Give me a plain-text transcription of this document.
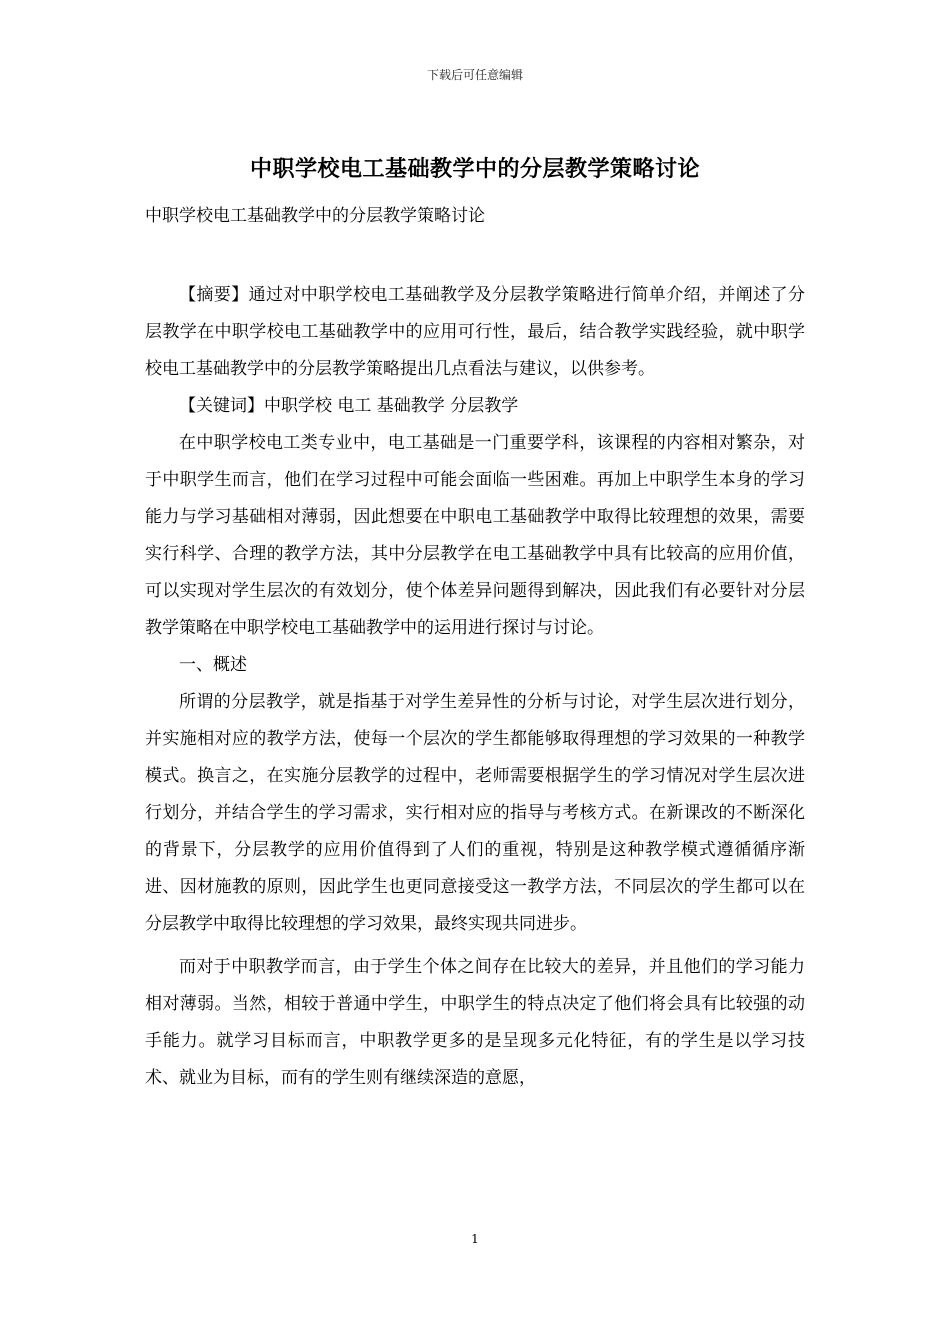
下载后可任意编辑
中职学校电工基础教学中的分层教学策略讨论

中职学校电工基础教学中的分层教学策略讨论

【摘要】通过对中职学校电工基础教学及分层教学策略进行简单介绍，并阐述了分层教学在中职学校电工基础教学中的应用可行性，最后，结合教学实践经验，就中职学校电工基础教学中的分层教学策略提出几点看法与建议，以供参考。

【关键词】中职学校 电工 基础教学 分层教学

在中职学校电工类专业中，电工基础是一门重要学科，该课程的内容相对繁杂，对于中职学生而言，他们在学习过程中可能会面临一些困难。再加上中职学生本身的学习能力与学习基础相对薄弱，因此想要在中职电工基础教学中取得比较理想的效果，需要实行科学、合理的教学方法，其中分层教学在电工基础教学中具有比较高的应用价值，可以实现对学生层次的有效划分，使个体差异问题得到解决，因此我们有必要针对分层教学策略在中职学校电工基础教学中的运用进行探讨与讨论。

一、概述

所谓的分层教学，就是指基于对学生差异性的分析与讨论，对学生层次进行划分，并实施相对应的教学方法，使每一个层次的学生都能够取得理想的学习效果的一种教学模式。换言之，在实施分层教学的过程中，老师需要根据学生的学习情况对学生层次进行划分，并结合学生的学习需求，实行相对应的指导与考核方式。在新课改的不断深化的背景下，分层教学的应用价值得到了人们的重视，特别是这种教学模式遵循循序渐进、因材施教的原则，因此学生也更同意接受这一教学方法，不同层次的学生都可以在分层教学中取得比较理想的学习效果，最终实现共同进步。

而对于中职教学而言，由于学生个体之间存在比较大的差异，并且他们的学习能力相对薄弱。当然，相较于普通中学生，中职学生的特点决定了他们将会具有比较强的动手能力。就学习目标而言，中职教学更多的是呈现多元化特征，有的学生是以学习技术、就业为目标，而有的学生则有继续深造的意愿，

1
